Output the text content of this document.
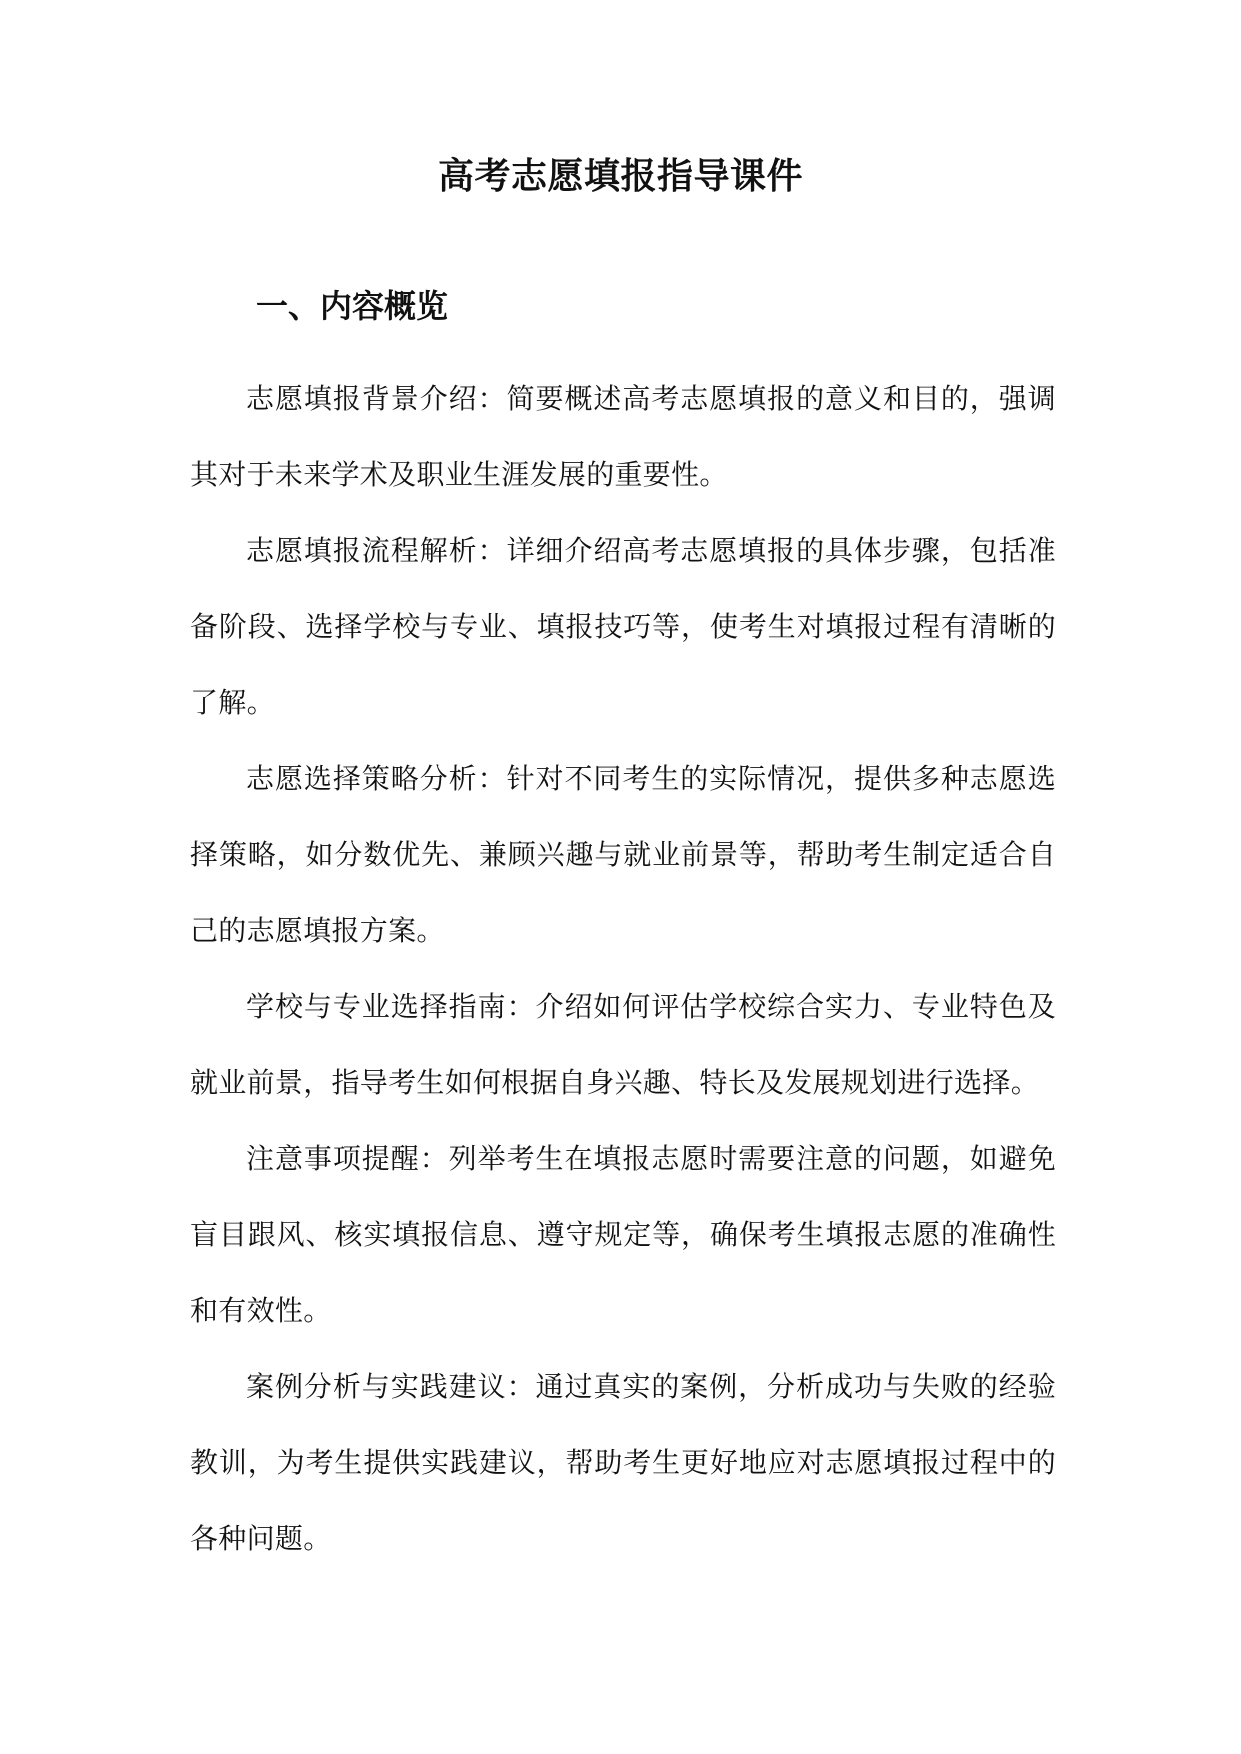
高考志愿填报指导课件
一、内容概览

志愿填报背景介绍：简要概述高考志愿填报的意义和目的，强调其对于未来学术及职业生涯发展的重要性。

志愿填报流程解析：详细介绍高考志愿填报的具体步骤，包括准备阶段、选择学校与专业、填报技巧等，使考生对填报过程有清晰的了解。

志愿选择策略分析：针对不同考生的实际情况，提供多种志愿选择策略，如分数优先、兼顾兴趣与就业前景等，帮助考生制定适合自己的志愿填报方案。

学校与专业选择指南：介绍如何评估学校综合实力、专业特色及就业前景，指导考生如何根据自身兴趣、特长及发展规划进行选择。

注意事项提醒：列举考生在填报志愿时需要注意的问题，如避免盲目跟风、核实填报信息、遵守规定等，确保考生填报志愿的准确性和有效性。

案例分析与实践建议：通过真实的案例，分析成功与失败的经验教训，为考生提供实践建议，帮助考生更好地应对志愿填报过程中的各种问题。
